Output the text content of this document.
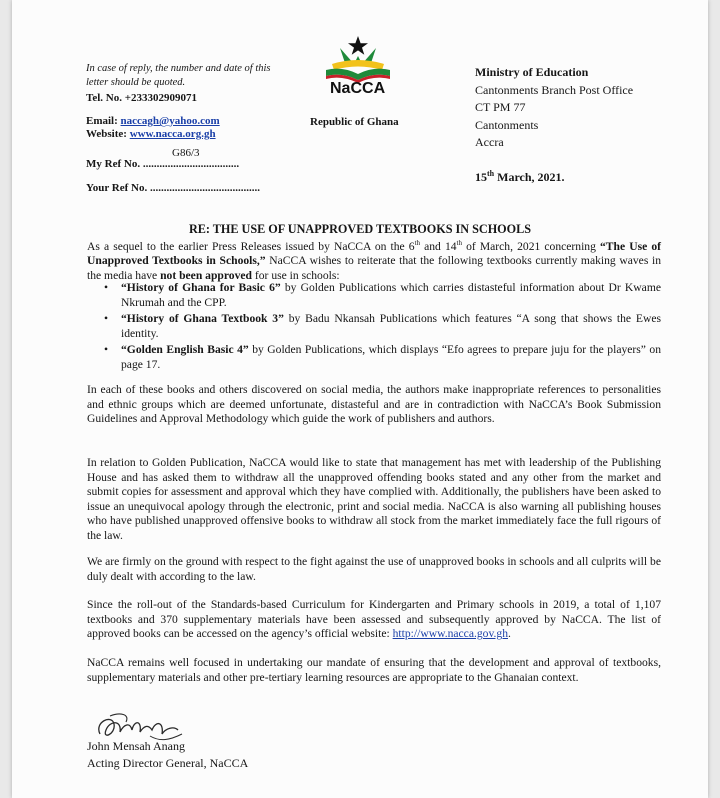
In case of reply, the number and date of this
letter should be quoted.
Tel. No. +233302909071
Email: naccagh@yahoo.com
Website: www.nacca.org.gh
My Ref No. ...................................
G86/3
Your Ref No. ........................................
NaCCA
Republic of Ghana
Ministry of Education
Cantonments Branch Post Office
CT PM 77
Cantonments
Accra
15th March, 2021.
RE: THE USE OF UNAPPROVED TEXTBOOKS IN SCHOOLS
As a sequel to the earlier Press Releases issued by NaCCA on the 6th and 14th of March, 2021 concerning “The Use of Unapproved Textbooks in Schools,” NaCCA wishes to reiterate that the following textbooks currently making waves in the media have not been approved for use in schools:
• “History of Ghana for Basic 6” by Golden Publications which carries distasteful information about Dr Kwame Nkrumah and the CPP.
• “History of Ghana Textbook 3” by Badu Nkansah Publications which features “A song that shows the Ewes identity.
• “Golden English Basic 4” by Golden Publications, which displays “Efo agrees to prepare juju for the players” on page 17.
In each of these books and others discovered on social media, the authors make inappropriate references to personalities and ethnic groups which are deemed unfortunate, distasteful and are in contradiction with NaCCA’s Book Submission Guidelines and Approval Methodology which guide the work of publishers and authors.
In relation to Golden Publication, NaCCA would like to state that management has met with leadership of the Publishing House and has asked them to withdraw all the unapproved offending books stated and any other from the market and submit copies for assessment and approval which they have complied with. Additionally, the publishers have been asked to issue an unequivocal apology through the electronic, print and social media. NaCCA is also warning all publishing houses who have published unapproved offensive books to withdraw all stock from the market immediately face the full rigours of the law.
We are firmly on the ground with respect to the fight against the use of unapproved books in schools and all culprits will be duly dealt with according to the law.
Since the roll-out of the Standards-based Curriculum for Kindergarten and Primary schools in 2019, a total of 1,107 textbooks and 370 supplementary materials have been assessed and subsequently approved by NaCCA. The list of approved books can be accessed on the agency’s official website: http://www.nacca.gov.gh.
NaCCA remains well focused in undertaking our mandate of ensuring that the development and approval of textbooks, supplementary materials and other pre-tertiary learning resources are appropriate to the Ghanaian context.
John Mensah Anang
Acting Director General, NaCCA
